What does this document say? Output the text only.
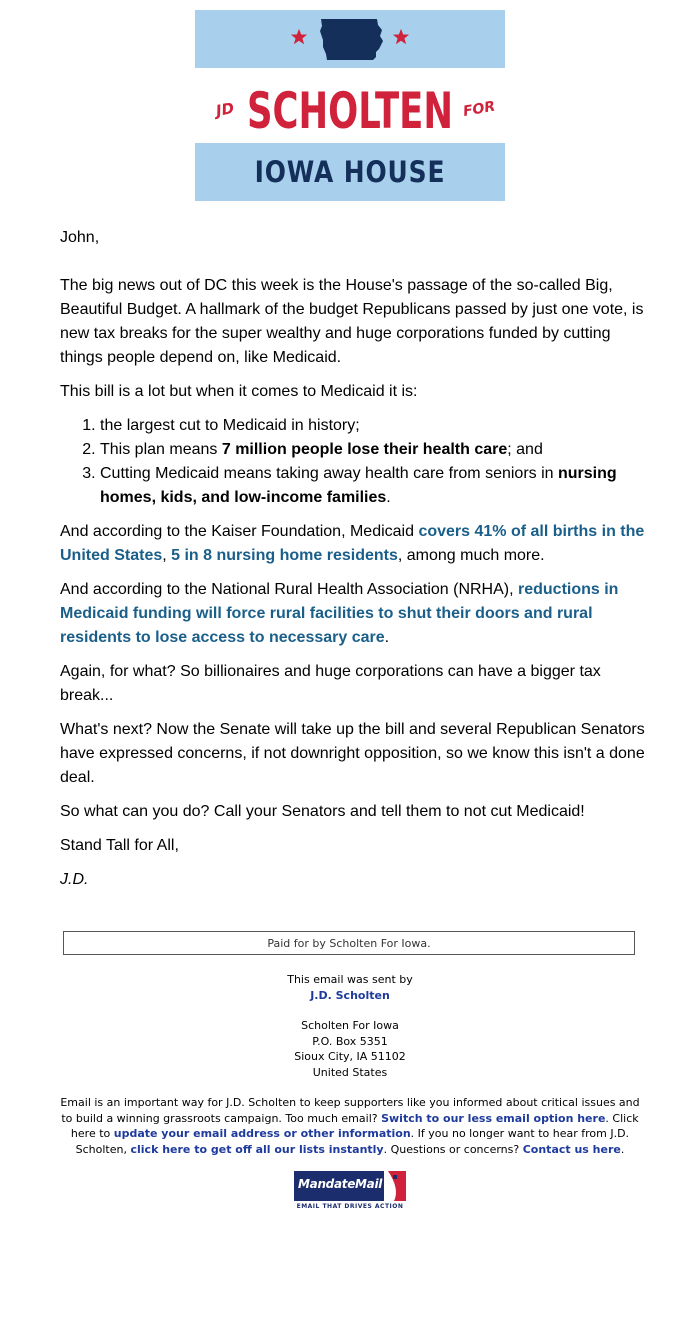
JD SCHOLTEN FOR
IOWA HOUSE

John,

The big news out of DC this week is the House's passage of the so-called Big, Beautiful Budget. A hallmark of the budget Republicans passed by just one vote, is new tax breaks for the super wealthy and huge corporations funded by cutting things people depend on, like Medicaid.

This bill is a lot but when it comes to Medicaid it is:

1. the largest cut to Medicaid in history;
2. This plan means 7 million people lose their health care; and
3. Cutting Medicaid means taking away health care from seniors in nursing homes, kids, and low-income families.

And according to the Kaiser Foundation, Medicaid covers 41% of all births in the United States, 5 in 8 nursing home residents, among much more.

And according to the National Rural Health Association (NRHA), reductions in Medicaid funding will force rural facilities to shut their doors and rural residents to lose access to necessary care.

Again, for what? So billionaires and huge corporations can have a bigger tax break...

What's next? Now the Senate will take up the bill and several Republican Senators have expressed concerns, if not downright opposition, so we know this isn't a done deal.

So what can you do? Call your Senators and tell them to not cut Medicaid!

Stand Tall for All,

J.D.

Paid for by Scholten For Iowa.
This email was sent by
J.D. Scholten
Scholten For Iowa
P.O. Box 5351
Sioux City, IA 51102
United States
Email is an important way for J.D. Scholten to keep supporters like you informed about critical issues and to build a winning grassroots campaign. Too much email? Switch to our less email option here. Click here to update your email address or other information. If you no longer want to hear from J.D. Scholten, click here to get off all our lists instantly. Questions or concerns? Contact us here.
MandateMail
EMAIL THAT DRIVES ACTION
